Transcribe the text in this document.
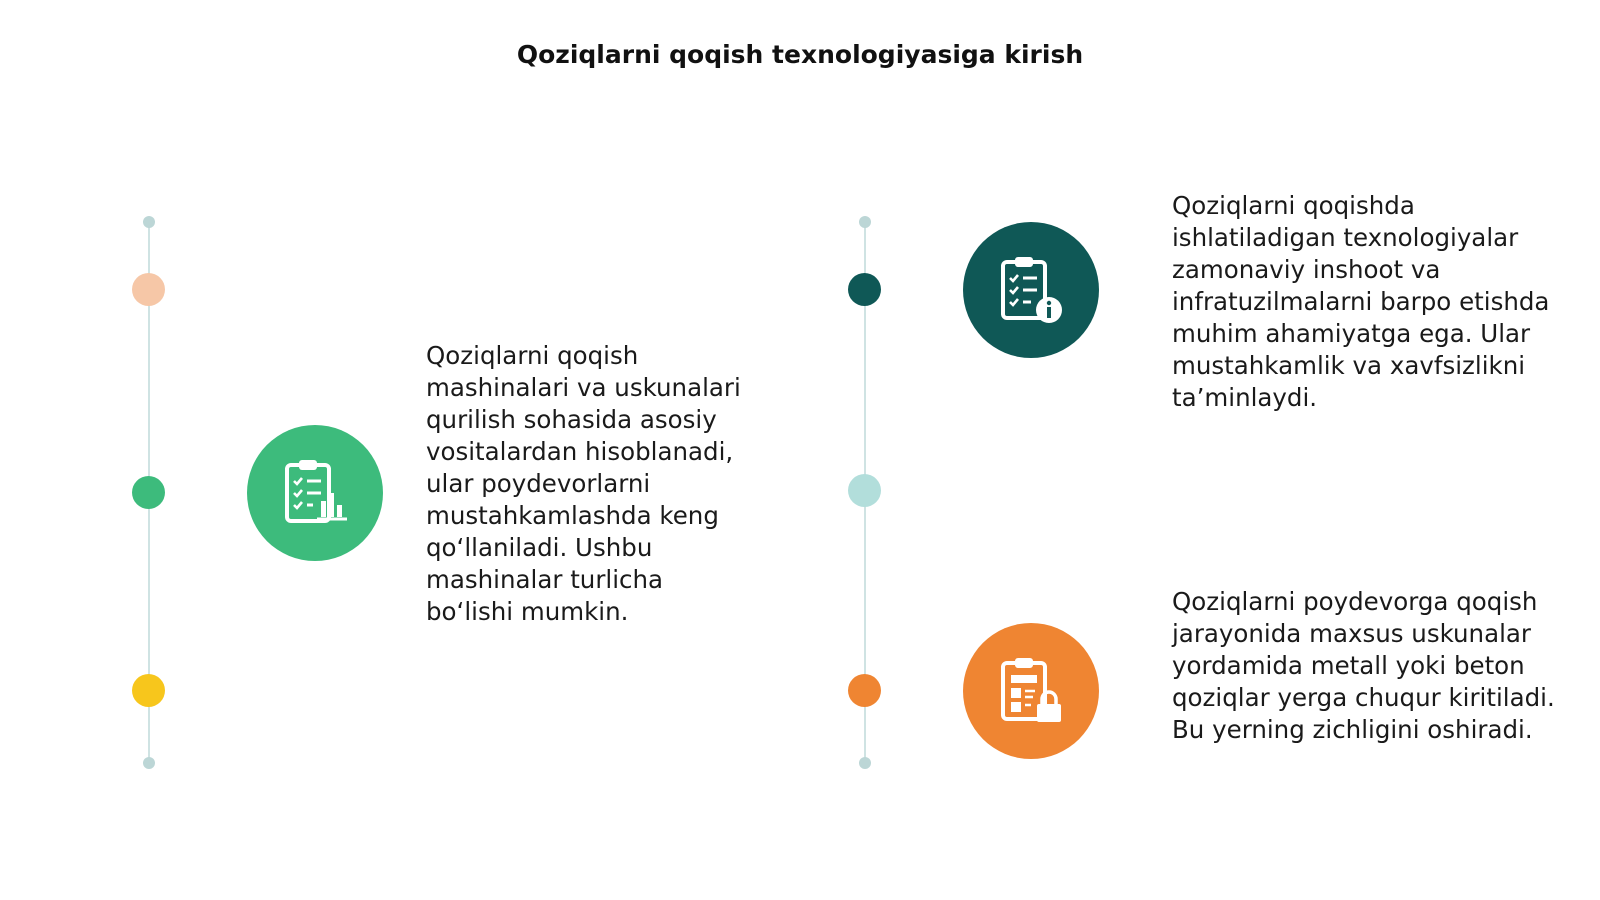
Qoziqlarni qoqish texnologiyasiga kirish
Qoziqlarni qoqish mashinalari va uskunalari qurilish sohasida asosiy vositalardan hisoblanadi, ular poydevorlarni mustahkamlashda keng qo‘llaniladi. Ushbu mashinalar turlicha bo‘lishi mumkin.
Qoziqlarni qoqishda ishlatiladigan texnologiyalar zamonaviy inshoot va infratuzilmalarni barpo etishda muhim ahamiyatga ega. Ular mustahkamlik va xavfsizlikni ta’minlaydi.
Qoziqlarni poydevorga qoqish jarayonida maxsus uskunalar yordamida metall yoki beton qoziqlar yerga chuqur kiritiladi. Bu yerning zichligini oshiradi.
